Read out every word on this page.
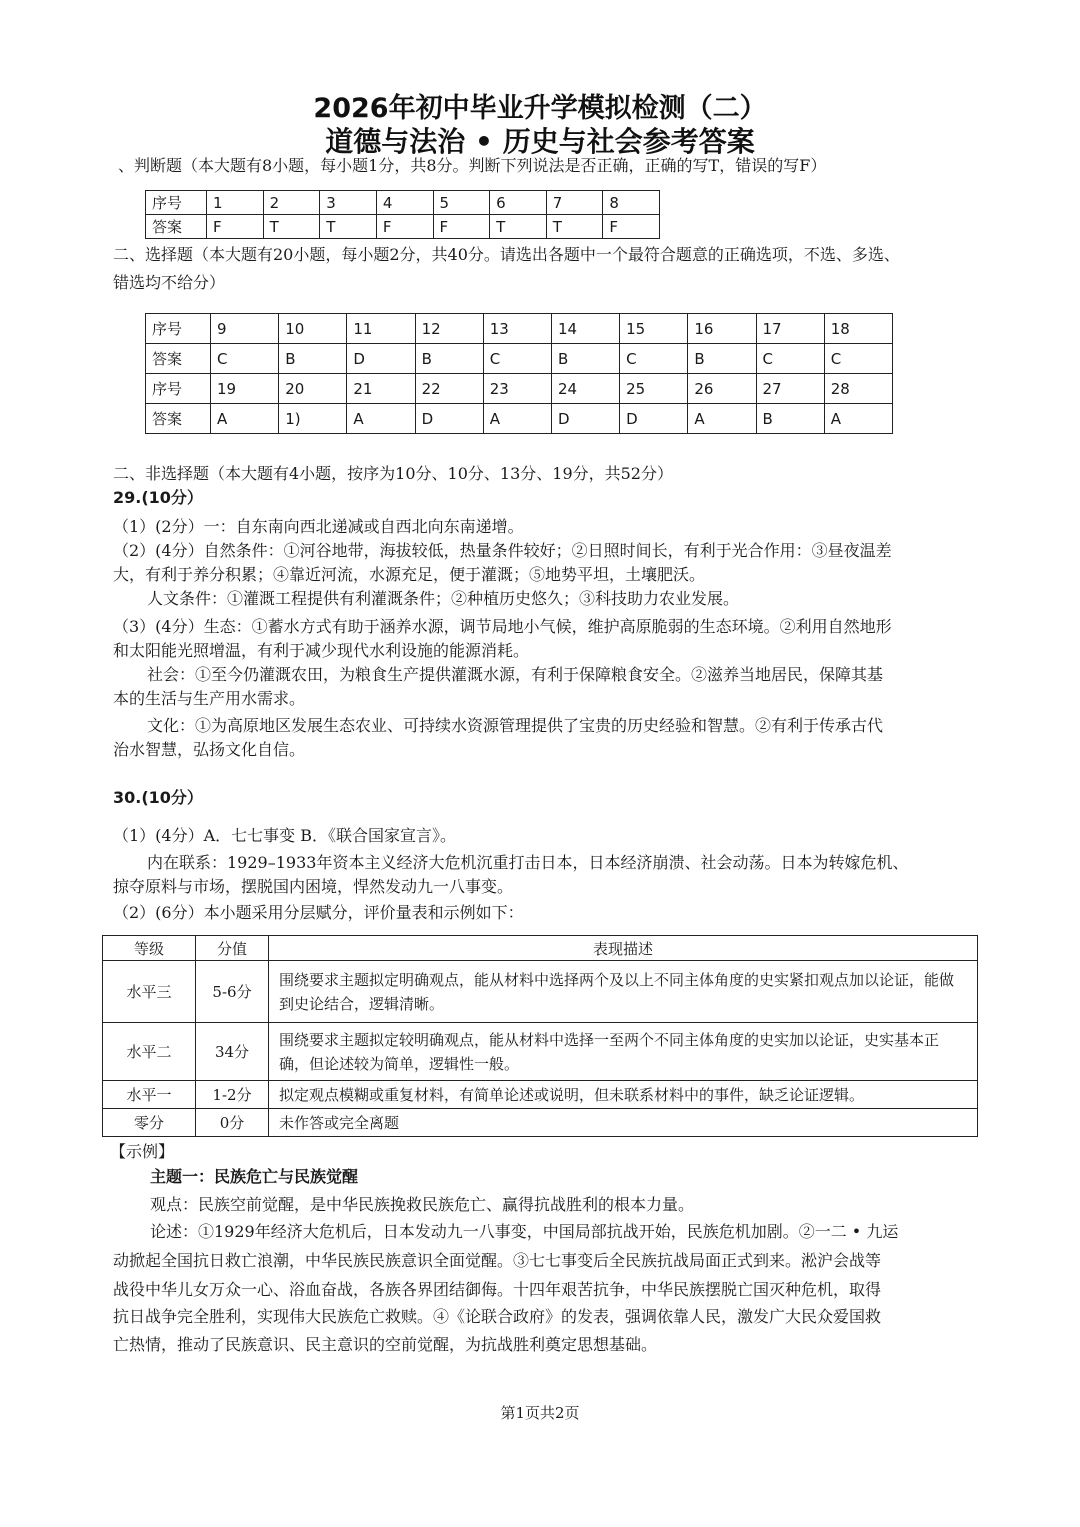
2026年初中毕业升学模拟检测（二）
道德与法治 • 历史与社会参考答案
、判断题（本大题有8小题，每小题1分，共8分。判断下列说法是否正确，正确的写T，错误的写F）
序号	1	2	3	4	5	6	7	8
答案	F	T	T	F	F	T	T	F
二、选择题（本大题有20小题，每小题2分，共40分。请选出各题中一个最符合题意的正确选项，不选、多选、
错选均不给分）
序号	9	10	11	12	13	14	15	16	17	18
答案	C	B	D	B	C	B	C	B	C	C
序号	19	20	21	22	23	24	25	26	27	28
答案	A	1)	A	D	A	D	D	A	B	A
二、非选择题（本大题有4小题，按序为10分、10分、13分、19分，共52分）
29.(10分）
（1）(2分）一：自东南向西北递减或自西北向东南递增。
（2）(4分）自然条件：①河谷地带，海拔较低，热量条件较好；②日照时间长，有利于光合作用：③昼夜温差
大，有利于养分积累；④靠近河流，水源充足，便于灌溉；⑤地势平坦，土壤肥沃。
人文条件：①灌溉工程提供有利灌溉条件；②种植历史悠久；③科技助力农业发展。
（3）(4分）生态：①蓄水方式有助于涵养水源，调节局地小气候，维护高原脆弱的生态环境。②利用自然地形
和太阳能光照增温，有利于减少现代水利设施的能源消耗。
社会：①至今仍灌溉农田，为粮食生产提供灌溉水源，有利于保障粮食安全。②滋养当地居民，保障其基
本的生活与生产用水需求。
文化：①为高原地区发展生态农业、可持续水资源管理提供了宝贵的历史经验和智慧。②有利于传承古代
治水智慧，弘扬文化自信。
30.(10分）
（1）(4分）A．七七事变 B．《联合国家宣言》。
内在联系：1929–1933年资本主义经济大危机沉重打击日本，日本经济崩溃、社会动荡。日本为转嫁危机、
掠夺原料与市场，摆脱国内困境，悍然发动九一八事变。
（2）(6分）本小题采用分层赋分，评价量表和示例如下：
等级	分值	表现描述
水平三	5-6分	围绕要求主题拟定明确观点，能从材料中选择两个及以上不同主体角度的史实紧扣观点加以论证，能做到史论结合，逻辑清晰。
水平二	34分	围绕要求主题拟定较明确观点，能从材料中选择一至两个不同主体角度的史实加以论证，史实基本正确，但论述较为简单，逻辑性一般。
水平一	1-2分	拟定观点模糊或重复材料，有简单论述或说明，但未联系材料中的事件，缺乏论证逻辑。
零分	0分	未作答或完全离题
【示例】
主题一：民族危亡与民族觉醒
观点：民族空前觉醒，是中华民族挽救民族危亡、赢得抗战胜利的根本力量。
论述：①1929年经济大危机后，日本发动九一八事变，中国局部抗战开始，民族危机加剧。②一二 • 九运
动掀起全国抗日救亡浪潮，中华民族民族意识全面觉醒。③七七事变后全民族抗战局面正式到来。淞沪会战等
战役中华儿女万众一心、浴血奋战，各族各界团结御侮。十四年艰苦抗争，中华民族摆脱亡国灭种危机，取得
抗日战争完全胜利，实现伟大民族危亡救赎。④《论联合政府》的发表，强调依靠人民，激发广大民众爱国救
亡热情，推动了民族意识、民主意识的空前觉醒，为抗战胜利奠定思想基础。
第1页共2页
